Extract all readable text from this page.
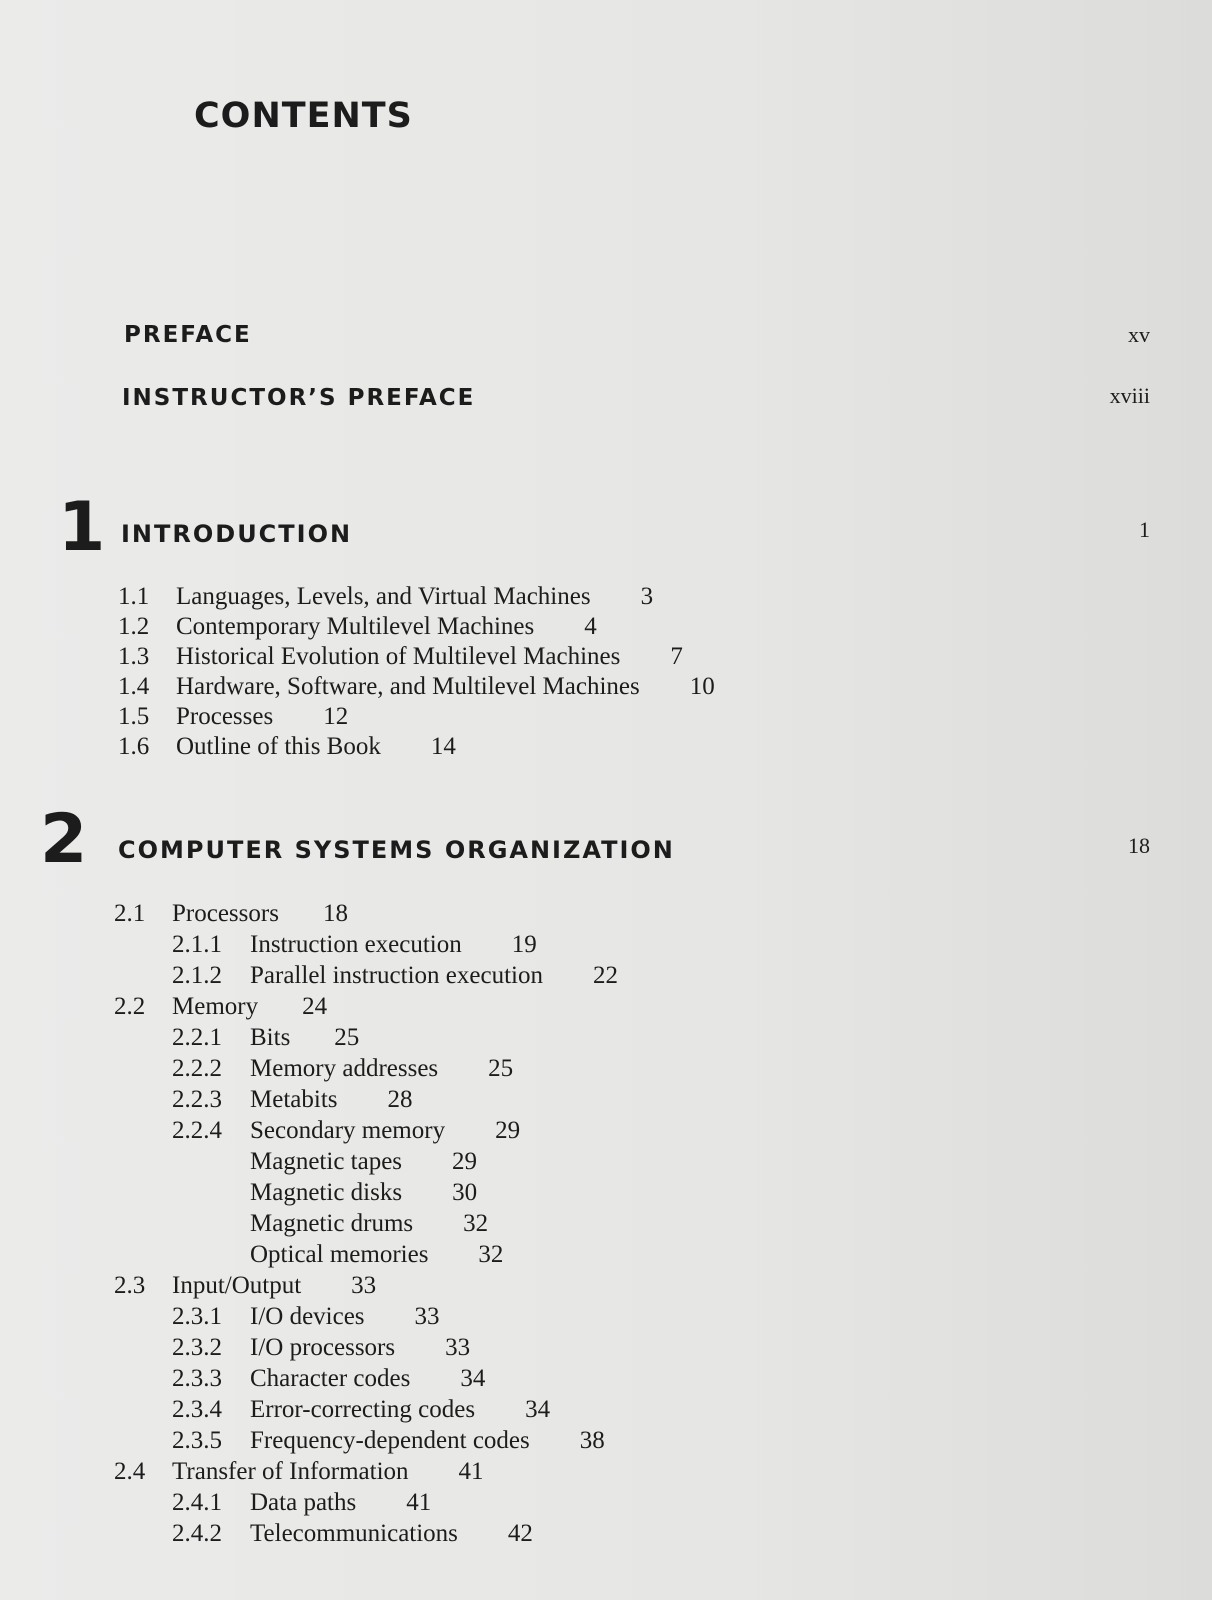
CONTENTS
PREFACE	xv
INSTRUCTOR’S PREFACE	xviii
1 INTRODUCTION	1
1.1 Languages, Levels, and Virtual Machines 3
1.2 Contemporary Multilevel Machines 4
1.3 Historical Evolution of Multilevel Machines 7
1.4 Hardware, Software, and Multilevel Machines 10
1.5 Processes 12
1.6 Outline of this Book 14
2 COMPUTER SYSTEMS ORGANIZATION	18
2.1 Processors 18
2.1.1 Instruction execution 19
2.1.2 Parallel instruction execution 22
2.2 Memory 24
2.2.1 Bits 25
2.2.2 Memory addresses 25
2.2.3 Metabits 28
2.2.4 Secondary memory 29
Magnetic tapes 29
Magnetic disks 30
Magnetic drums 32
Optical memories 32
2.3 Input/Output 33
2.3.1 I/O devices 33
2.3.2 I/O processors 33
2.3.3 Character codes 34
2.3.4 Error-correcting codes 34
2.3.5 Frequency-dependent codes 38
2.4 Transfer of Information 41
2.4.1 Data paths 41
2.4.2 Telecommunications 42
